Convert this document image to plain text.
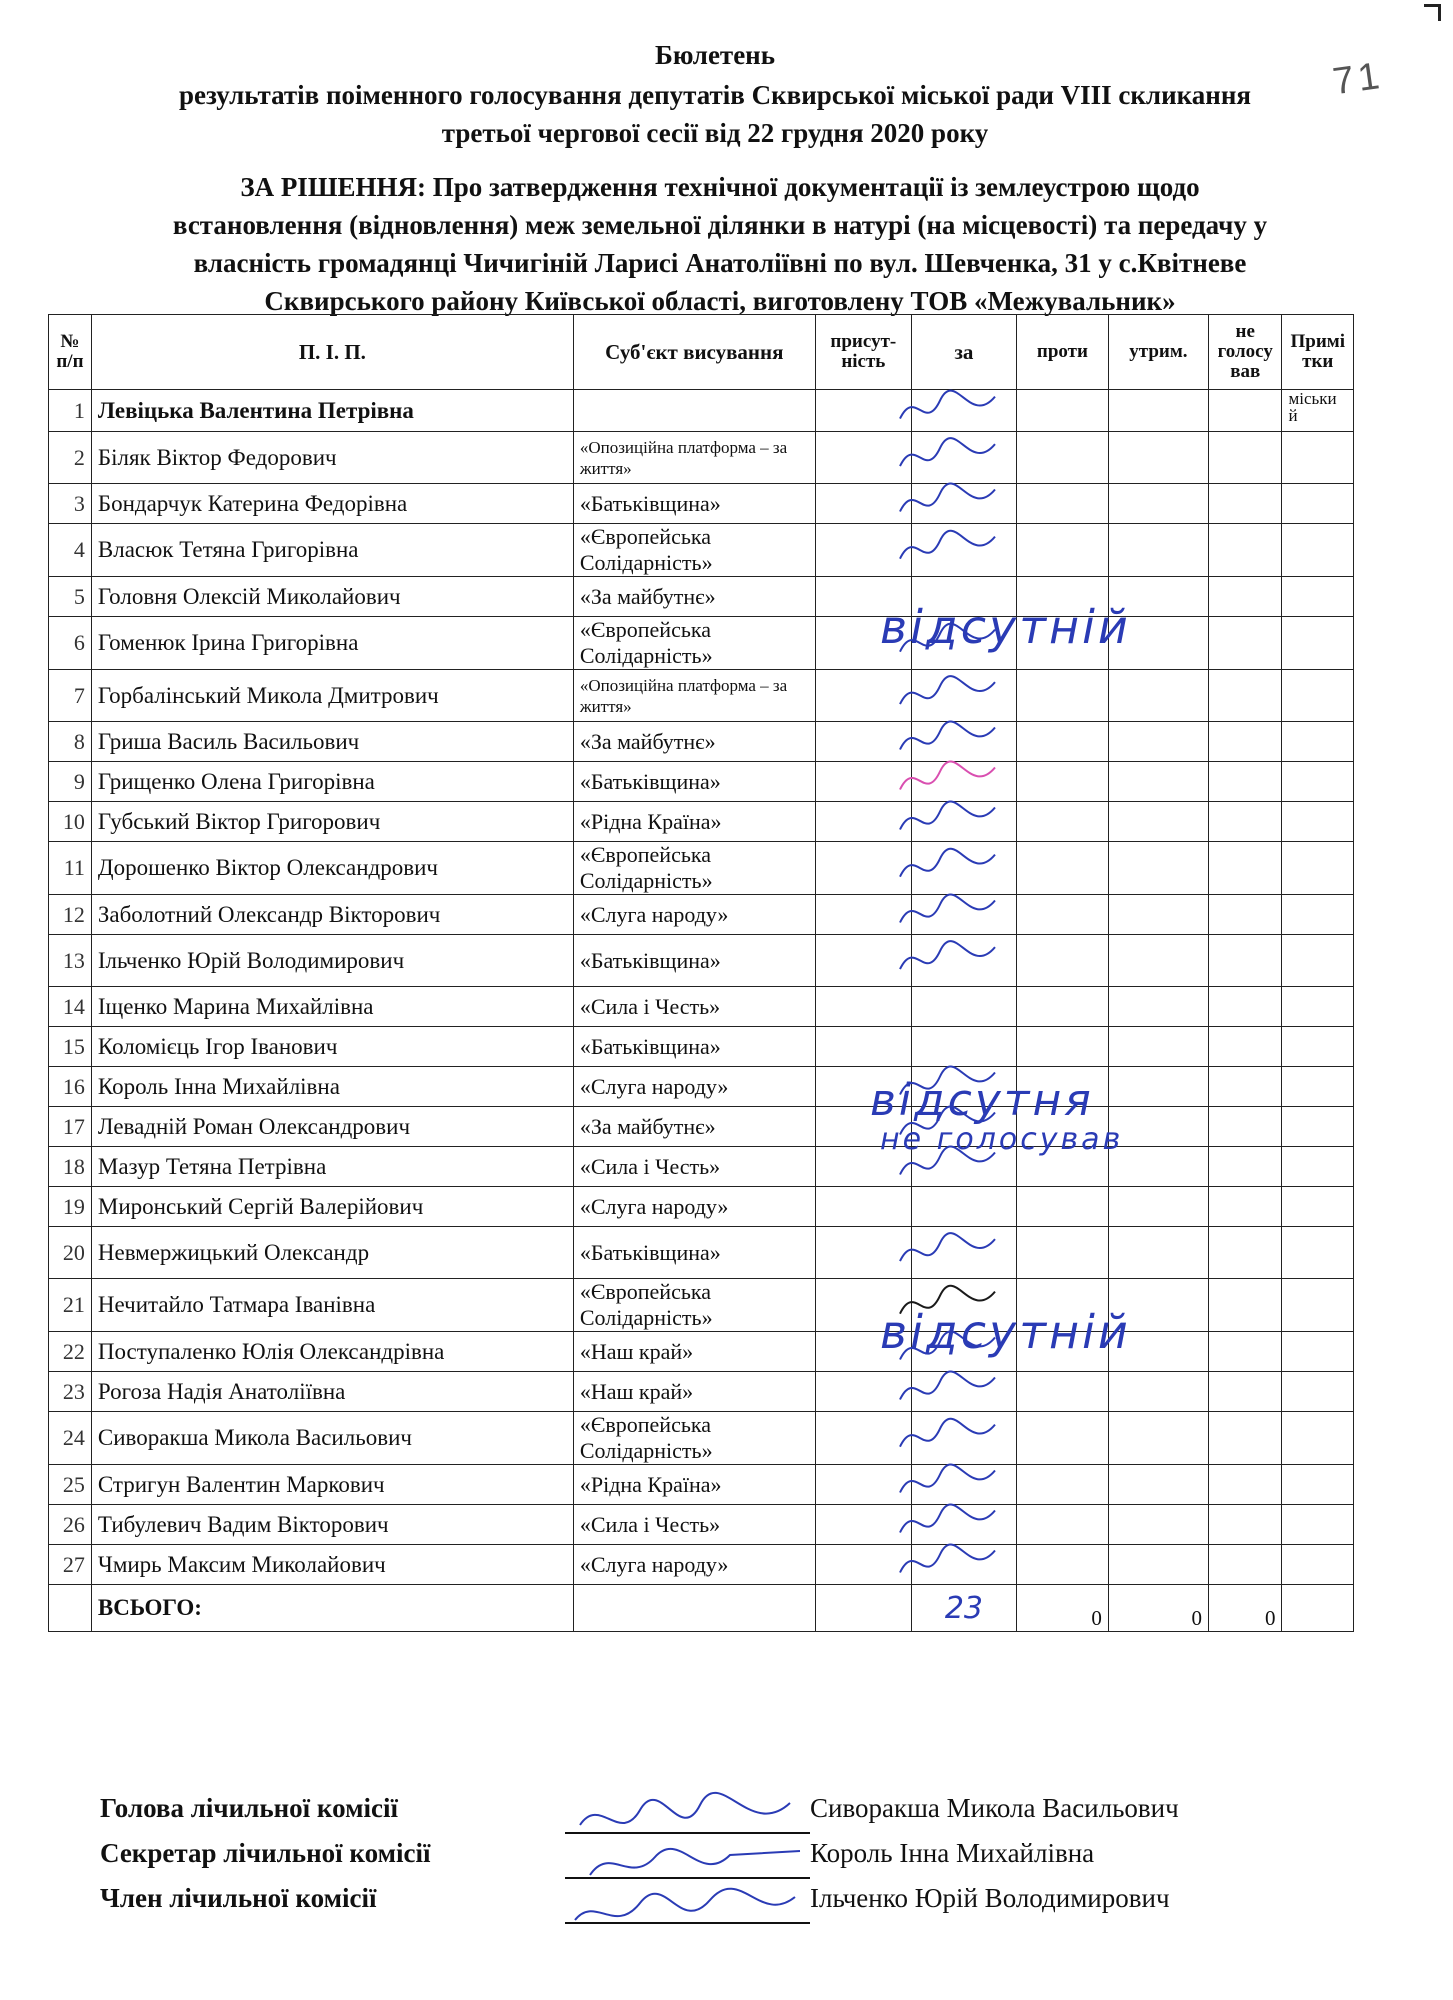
71
Бюлетень
результатів поіменного голосування депутатів Сквирської міської ради VIII скликання
третьої чергової сесії від 22 грудня 2020 року
ЗА РІШЕННЯ: Про затвердження технічної документації із землеустрою щодо
встановлення (відновлення) меж земельної ділянки в натурі (на місцевості) та передачу у
власність громадянці Чичигіній Ларисі Анатоліївні по вул. Шевченка, 31 у с.Квітневе
Сквирського району Київської області, виготовлену ТОВ «Межувальник»
№ п/п	П. І. П.	Суб'єкт висування	присут-ність	за	проти	утрим.	не голосу вав	Примі тки
1	Левіцька Валентина Петрівна							міськи й
2	Біляк Віктор Федорович	«Опозиційна платформа – за життя»						
3	Бондарчук Катерина Федорівна	«Батьківщина»						
4	Власюк Тетяна Григорівна	«Європейська Солідарність»						
5	Головня Олексій Миколайович	«За майбутнє»						
6	Гоменюк Ірина Григорівна	«Європейська Солідарність»						
7	Горбалінський Микола Дмитрович	«Опозиційна платформа – за життя»						
8	Гриша Василь Васильович	«За майбутнє»						
9	Грищенко Олена Григорівна	«Батьківщина»						
10	Губський Віктор Григорович	«Рідна Країна»						
11	Дорошенко Віктор Олександрович	«Європейська Солідарність»						
12	Заболотний Олександр Вікторович	«Слуга народу»						
13	Ільченко Юрій Володимирович	«Батьківщина»						
14	Іщенко Марина Михайлівна	«Сила і Честь»						
15	Коломієць Ігор Іванович	«Батьківщина»						
16	Король Інна Михайлівна	«Слуга народу»						
17	Левадній Роман Олександрович	«За майбутнє»						
18	Мазур Тетяна Петрівна	«Сила і Честь»						
19	Миронський Сергій Валерійович	«Слуга народу»						
20	Невмержицький Олександр	«Батьківщина»						
21	Нечитайло Татмара Іванівна	«Європейська Солідарність»						
22	Поступаленко Юлія Олександрівна	«Наш край»						
23	Рогоза Надія Анатоліївна	«Наш край»						
24	Сиворакша Микола Васильович	«Європейська Солідарність»						
25	Стригун Валентин Маркович	«Рідна Країна»						
26	Тибулевич Вадим Вікторович	«Сила і Честь»						
27	Чмирь Максим Миколайович	«Слуга народу»						
	ВСЬОГО:			23	0	0	0	
відсутній
відсутня
не голосував
відсутній
Голова лічильної комісії	Сиворакша Микола Васильович
Секретар лічильної комісії	Король Інна Михайлівна
Член лічильної комісії	Ільченко Юрій Володимирович
